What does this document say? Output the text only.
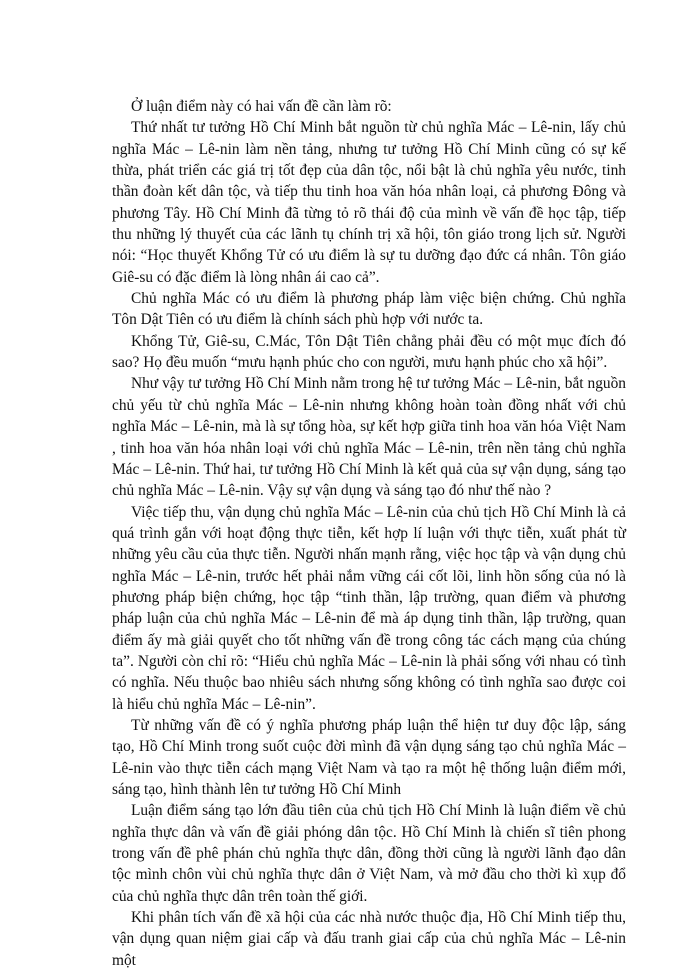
Ở luận điểm này có hai vấn đề cần làm rõ:

Thứ nhất tư tưởng Hồ Chí Minh bắt nguồn từ chủ nghĩa Mác – Lê-nin, lấy chủ nghĩa Mác – Lê-nin làm nền tảng, nhưng tư tưởng Hồ Chí Minh cũng có sự kế thừa, phát triển các giá trị tốt đẹp của dân tộc, nổi bật là chủ nghĩa yêu nước, tinh thần đoàn kết dân tộc, và tiếp thu tinh hoa văn hóa nhân loại, cả phương Đông và phương Tây. Hồ Chí Minh đã từng tỏ rõ thái độ của mình về vấn đề học tập, tiếp thu những lý thuyết của các lãnh tụ chính trị xã hội, tôn giáo trong lịch sử. Người nói: “Học thuyết Khổng Tử có ưu điểm là sự tu dưỡng đạo đức cá nhân. Tôn giáo Giê-su có đặc điểm là lòng nhân ái cao cả”.

Chủ nghĩa Mác có ưu điểm là phương pháp làm việc biện chứng. Chủ nghĩa Tôn Dật Tiên có ưu điểm là chính sách phù hợp với nước ta.

Khổng Tử, Giê-su, C.Mác, Tôn Dật Tiên chẳng phải đều có một mục đích đó sao? Họ đều muốn “mưu hạnh phúc cho con người, mưu hạnh phúc cho xã hội”.

Như vậy tư tưởng Hồ Chí Minh nằm trong hệ tư tưởng Mác – Lê-nin, bắt nguồn chủ yếu từ chủ nghĩa Mác – Lê-nin nhưng không hoàn toàn đồng nhất với chủ nghĩa Mác – Lê-nin, mà là sự tổng hòa, sự kết hợp giữa tinh hoa văn hóa Việt Nam , tinh hoa văn hóa nhân loại với chủ nghĩa Mác – Lê-nin, trên nền tảng chủ nghĩa Mác – Lê-nin. Thứ hai, tư tưởng Hồ Chí Minh là kết quả của sự vận dụng, sáng tạo chủ nghĩa Mác – Lê-nin. Vậy sự vận dụng và sáng tạo đó như thế nào ?

Việc tiếp thu, vận dụng chủ nghĩa Mác – Lê-nin của chủ tịch Hồ Chí Minh là cả quá trình gắn với hoạt động thực tiễn, kết hợp lí luận với thực tiễn, xuất phát từ những yêu cầu của thực tiễn. Người nhấn mạnh rằng, việc học tập và vận dụng chủ nghĩa Mác – Lê-nin, trước hết phải nắm vững cái cốt lõi, linh hồn sống của nó là phương pháp biện chứng, học tập “tinh thần, lập trường, quan điểm và phương pháp luận của chủ nghĩa Mác – Lê-nin để mà áp dụng tinh thần, lập trường, quan điểm ấy mà giải quyết cho tốt những vấn đề trong công tác cách mạng của chúng ta”. Người còn chỉ rõ: “Hiểu chủ nghĩa Mác – Lê-nin là phải sống với nhau có tình có nghĩa. Nếu thuộc bao nhiêu sách nhưng sống không có tình nghĩa sao được coi là hiểu chủ nghĩa Mác – Lê-nin”.

Từ những vấn đề có ý nghĩa phương pháp luận thể hiện tư duy độc lập, sáng tạo, Hồ Chí Minh trong suốt cuộc đời mình đã vận dụng sáng tạo chủ nghĩa Mác – Lê-nin vào thực tiễn cách mạng Việt Nam và tạo ra một hệ thống luận điểm mới, sáng tạo, hình thành lên tư tưởng Hồ Chí Minh

Luận điểm sáng tạo lớn đầu tiên của chủ tịch Hồ Chí Minh là luận điểm về chủ nghĩa thực dân và vấn đề giải phóng dân tộc. Hồ Chí Minh là chiến sĩ tiên phong trong vấn đề phê phán chủ nghĩa thực dân, đồng thời cũng là người lãnh đạo dân tộc mình chôn vùi chủ nghĩa thực dân ở Việt Nam, và mở đầu cho thời kì xụp đổ của chủ nghĩa thực dân trên toàn thế giới.

Khi phân tích vấn đề xã hội của các nhà nước thuộc địa, Hồ Chí Minh tiếp thu, vận dụng quan niệm giai cấp và đấu tranh giai cấp của chủ nghĩa Mác – Lê-nin một
